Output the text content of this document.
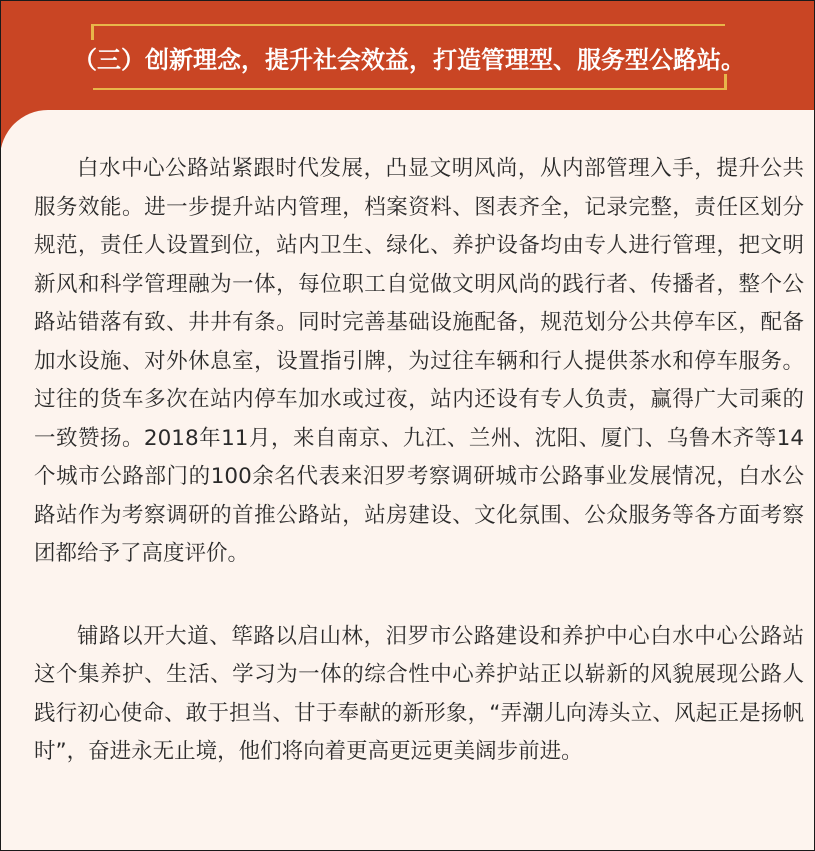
（三）创新理念，提升社会效益，打造管理型、服务型公路站。

白水中心公路站紧跟时代发展，凸显文明风尚，从内部管理入手，提升公共服务效能。进一步提升站内管理，档案资料、图表齐全，记录完整，责任区划分规范，责任人设置到位，站内卫生、绿化、养护设备均由专人进行管理，把文明新风和科学管理融为一体，每位职工自觉做文明风尚的践行者、传播者，整个公路站错落有致、井井有条。同时完善基础设施配备，规范划分公共停车区，配备加水设施、对外休息室，设置指引牌，为过往车辆和行人提供茶水和停车服务。过往的货车多次在站内停车加水或过夜，站内还设有专人负责，赢得广大司乘的一致赞扬。2018年11月，来自南京、九江、兰州、沈阳、厦门、乌鲁木齐等14个城市公路部门的100余名代表来汨罗考察调研城市公路事业发展情况，白水公路站作为考察调研的首推公路站，站房建设、文化氛围、公众服务等各方面考察团都给予了高度评价。

铺路以开大道、筚路以启山林，汨罗市公路建设和养护中心白水中心公路站这个集养护、生活、学习为一体的综合性中心养护站正以崭新的风貌展现公路人践行初心使命、敢于担当、甘于奉献的新形象，“弄潮儿向涛头立、风起正是扬帆时”，奋进永无止境，他们将向着更高更远更美阔步前进。
